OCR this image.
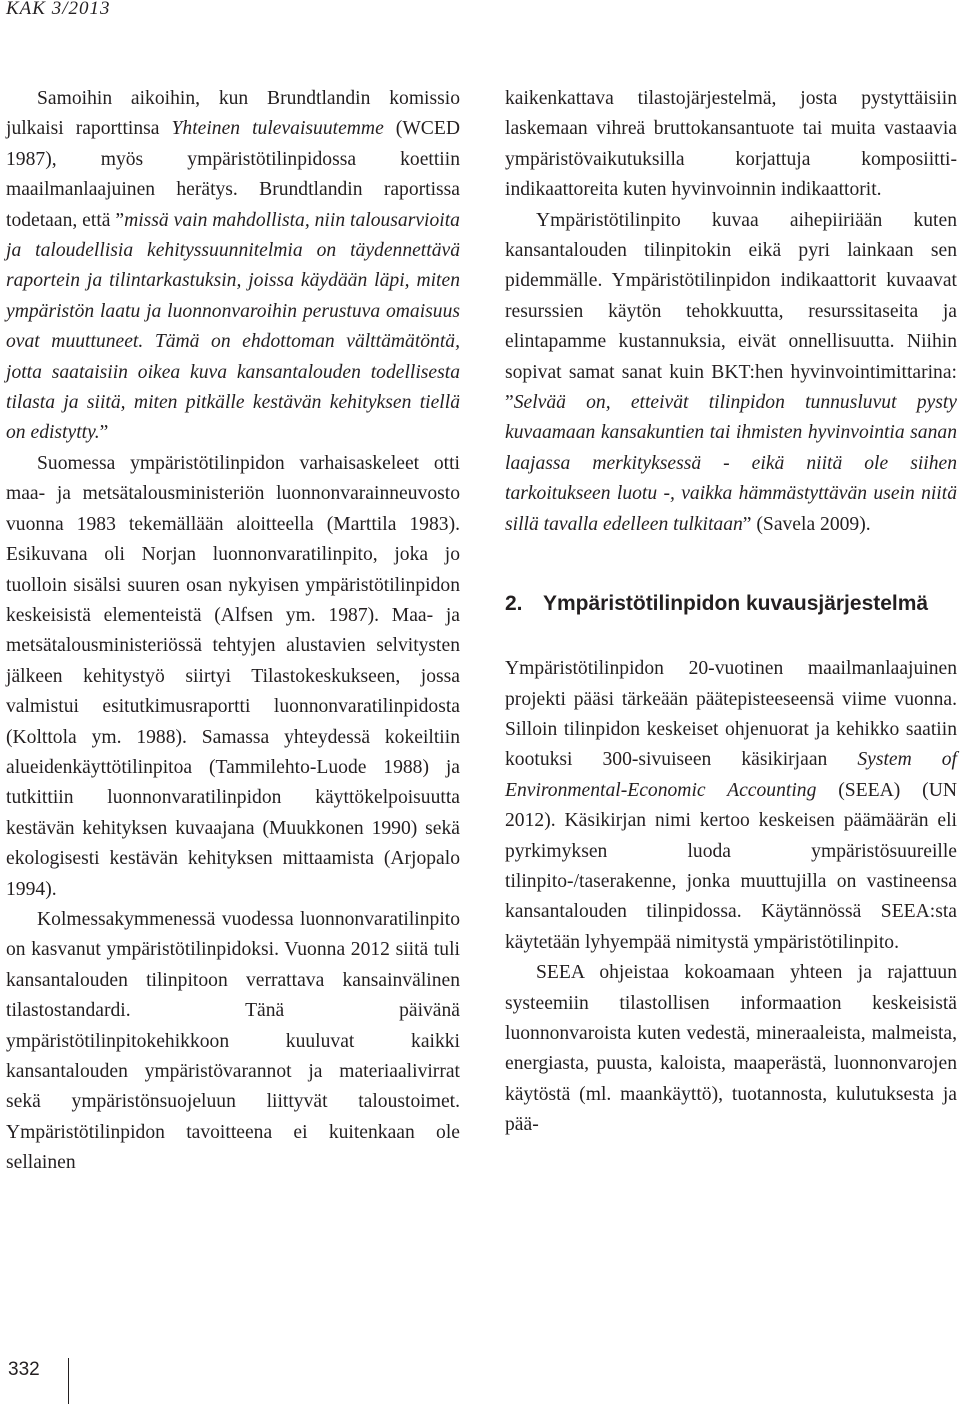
KAK 3/2013

Samoihin aikoihin, kun Brundtlandin komissio julkaisi raporttinsa Yhteinen tulevaisuutemme (WCED 1987), myös ympäristötilinpidossa koettiin maailmanlaajuinen herätys. Brundtlandin raportissa todetaan, että ”missä vain mahdollista, niin talousarvioita ja taloudellisia kehityssuunnitelmia on täydennettävä raportein ja tilintarkastuksin, joissa käydään läpi, miten ympäristön laatu ja luonnonvaroihin perustuva omaisuus ovat muuttuneet. Tämä on ehdottoman välttämätöntä, jotta saataisiin oikea kuva kansantalouden todellisesta tilasta ja siitä, miten pitkälle kestävän kehityksen tiellä on edistytty.”

Suomessa ympäristötilinpidon varhaisaskeleet otti maa- ja metsätalousministeriön luonnonvarainneuvosto vuonna 1983 tekemällään aloitteella (Marttila 1983). Esikuvana oli Norjan luonnonvaratilinpito, joka jo tuolloin sisälsi suuren osan nykyisen ympäristötilinpidon keskeisistä elementeistä (Alfsen ym. 1987). Maa- ja metsätalousministeriössä tehtyjen alustavien selvitysten jälkeen kehitystyö siirtyi Tilastokeskukseen, jossa valmistui esitutkimusraportti luonnonvaratilinpidosta (Kolttola ym. 1988). Samassa yhteydessä kokeiltiin alueidenkäyttötilinpitoa (Tammilehto-Luode 1988) ja tutkittiin luonnonvaratilinpidon käyttökelpoisuutta kestävän kehityksen kuvaajana (Muukkonen 1990) sekä ekologisesti kestävän kehityksen mittaamista (Arjopalo 1994).

Kolmessakymmenessä vuodessa luonnonvaratilinpito on kasvanut ympäristötilinpidoksi. Vuonna 2012 siitä tuli kansantalouden tilinpitoon verrattava kansainvälinen tilastostandardi. Tänä päivänä ympäristötilinpitokehikkoon kuuluvat kaikki kansantalouden ympäristövarannot ja materiaalivirrat sekä ympäristönsuojeluun liittyvät taloustoimet. Ympäristötilinpidon tavoitteena ei kuitenkaan ole sellainen

kaikenkattava tilastojärjestelmä, josta pystyttäisiin laskemaan vihreä bruttokansantuote tai muita vastaavia ympäristövaikutuksilla korjattuja komposiitti-indikaattoreita kuten hyvinvoinnin indikaattorit.

Ympäristötilinpito kuvaa aihepiiriään kuten kansantalouden tilinpitokin eikä pyri lainkaan sen pidemmälle. Ympäristötilinpidon indikaattorit kuvaavat resurssien käytön tehokkuutta, resurssitaseita ja elintapamme kustannuksia, eivät onnellisuutta. Niihin sopivat samat sanat kuin BKT:hen hyvinvointimittarina: ”Selvää on, etteivät tilinpidon tunnusluvut pysty kuvaamaan kansakuntien tai ihmisten hyvinvointia sanan laajassa merkityksessä - eikä niitä ole siihen tarkoitukseen luotu -, vaikka hämmästyttävän usein niitä sillä tavalla edelleen tulkitaan” (Savela 2009).

2. Ympäristötilinpidon kuvausjärjestelmä

Ympäristötilinpidon 20-vuotinen maailmanlaajuinen projekti pääsi tärkeään päätepisteeseensä viime vuonna. Silloin tilinpidon keskeiset ohjenuorat ja kehikko saatiin kootuksi 300-sivuiseen käsikirjaan System of Environmental-Economic Accounting (SEEA) (UN 2012). Käsikirjan nimi kertoo keskeisen päämäärän eli pyrkimyksen luoda ympäristösuureille tilinpito-/taserakenne, jonka muuttujilla on vastineensa kansantalouden tilinpidossa. Käytännössä SEEA:sta käytetään lyhyempää nimitystä ympäristötilinpito.

SEEA ohjeistaa kokoamaan yhteen ja rajattuun systeemiin tilastollisen informaation keskeisistä luonnonvaroista kuten vedestä, mineraaleista, malmeista, energiasta, puusta, kaloista, maaperästä, luonnonvarojen käytöstä (ml. maankäyttö), tuotannosta, kulutuksesta ja pää-

332
